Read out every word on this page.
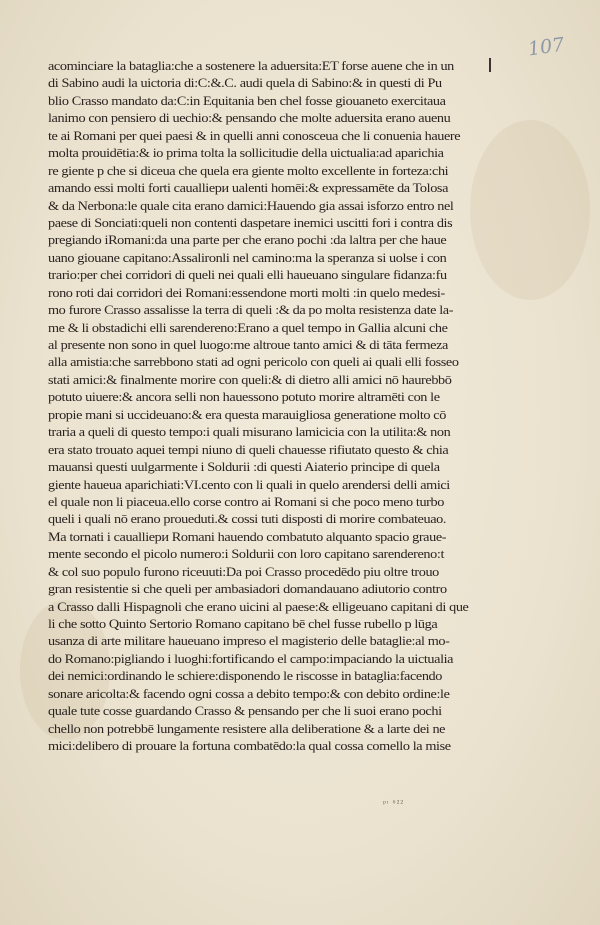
107
acominciare la bataglia:che a sostenere la aduersita:ET forse auene che in un
di Sabino audi la uictoria di:C:&.C. audi quela di Sabino:& in questi di Pu
blio Crasso mandato da:C:in Equitania ben chel fosse giouaneto exercitaua
lanimo con pensiero di uechio:& pensando che molte aduersita erano auenu
te ai Romani per quei paesi & in quelli anni conosceua che li conuenia hauere
molta prouidētia:& io prima tolta la sollicitudie della uictualia:ad aparichia
re giente p che si diceua che quela era giente molto excellente in forteza:chi
amando essi molti forti caualliери ualenti homēi:& expressamēte da Tolosa
& da Nerbona:le quale cita erano damici:Hauendo gia assai isforzo entro nel
paese di Sonciati:queli non contenti daspetare inemici uscitti fori i contra dis
pregiando iRomani:da una parte per che erano pochi :da laltra per che haue
uano giouane capitano:Assalironli nel camino:ma la speranza si uolse i con
trario:per chei corridori di queli nei quali elli haueuano singulare fidanza:fu
rono roti dai corridori dei Romani:essendone morti molti :in quelo medesi-
mo furore Crasso assalisse la terra di queli :& da po molta resistenza date la-
me & li obstadichi elli sarendereno:Erano a quel tempo in Gallia alcuni che
al presente non sono in quel luogo:me altroue tanto amici & di tāta fermeza
alla amistia:che sarrebbono stati ad ogni pericolo con queli ai quali elli fosseo
stati amici:& finalmente morire con queli:& di dietro alli amici nō haurebbō
potuto uiuere:& ancora selli non hauessono potuto morire altramēti con le
propie mani si uccideuano:& era questa marauigliosa generatione molto cō
traria a queli di questo tempo:i quali misurano lamicicia con la utilita:& non
era stato trouato aquei tempi niuno di queli chauesse rifiutato questo & chia
mauansi questi uulgarmente i Soldurii :di questi Aiaterio principe di quela
giente haueua aparichiati:VI.cento con li quali in quelo arendersi delli amici
el quale non li piaceua.ello corse contro ai Romani si che poco meno turbo
queli i quali nō erano proueduti.& cossi tuti disposti di morire combateuao.
Ma tornati i caualliери Romani hauendo combatuto alquanto spacio graue-
mente secondo el picolo numero:i Soldurii con loro capitano sarendereno:t
& col suo populo furono riceuuti:Da poi Crasso procedēdo piu oltre trouo
gran resistentie si che queli per ambasiadori domandauano adiutorio contro
a Crasso dalli Hispagnoli che erano uicini al paese:& elligeuano capitani di que
li che sotto Quinto Sertorio Romano capitano bē chel fusse rubello p lūga
usanza di arte militare haueuano impreso el magisterio delle bataglie:al mo-
do Romano:pigliando i luoghi:fortificando el campo:impaciando la uictualia
dei nemici:ordinando le schiere:disponendo le riscosse in bataglia:facendo
sonare aricolta:& facendo ogni cossa a debito tempo:& con debito ordine:le
quale tute cosse guardando Crasso & pensando per che li suoi erano pochi
chello non potrebbē lungamente resistere alla deliberatione & a larte dei ne
mici:delibero di prouare la fortuna combatēdo:la qual cossa comello la mise
ᵖᶦ ⁶²²
